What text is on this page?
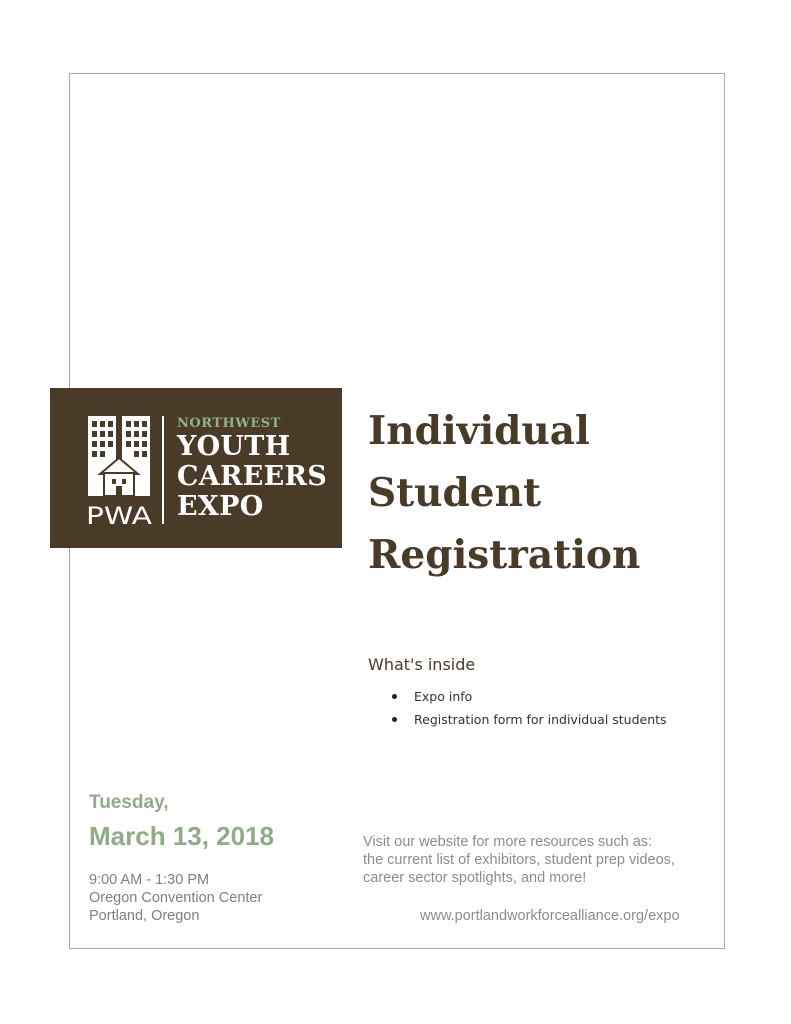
PWA
NORTHWEST
YOUTH
CAREERS
EXPO
Individual
Student
Registration
What's inside
Expo info
Registration form for individual students
Tuesday,
March 13, 2018
9:00 AM - 1:30 PM
Oregon Convention Center
Portland, Oregon
Visit our website for more resources such as:
the current list of exhibitors, student prep videos,
career sector spotlights, and more!
www.portlandworkforcealliance.org/expo
